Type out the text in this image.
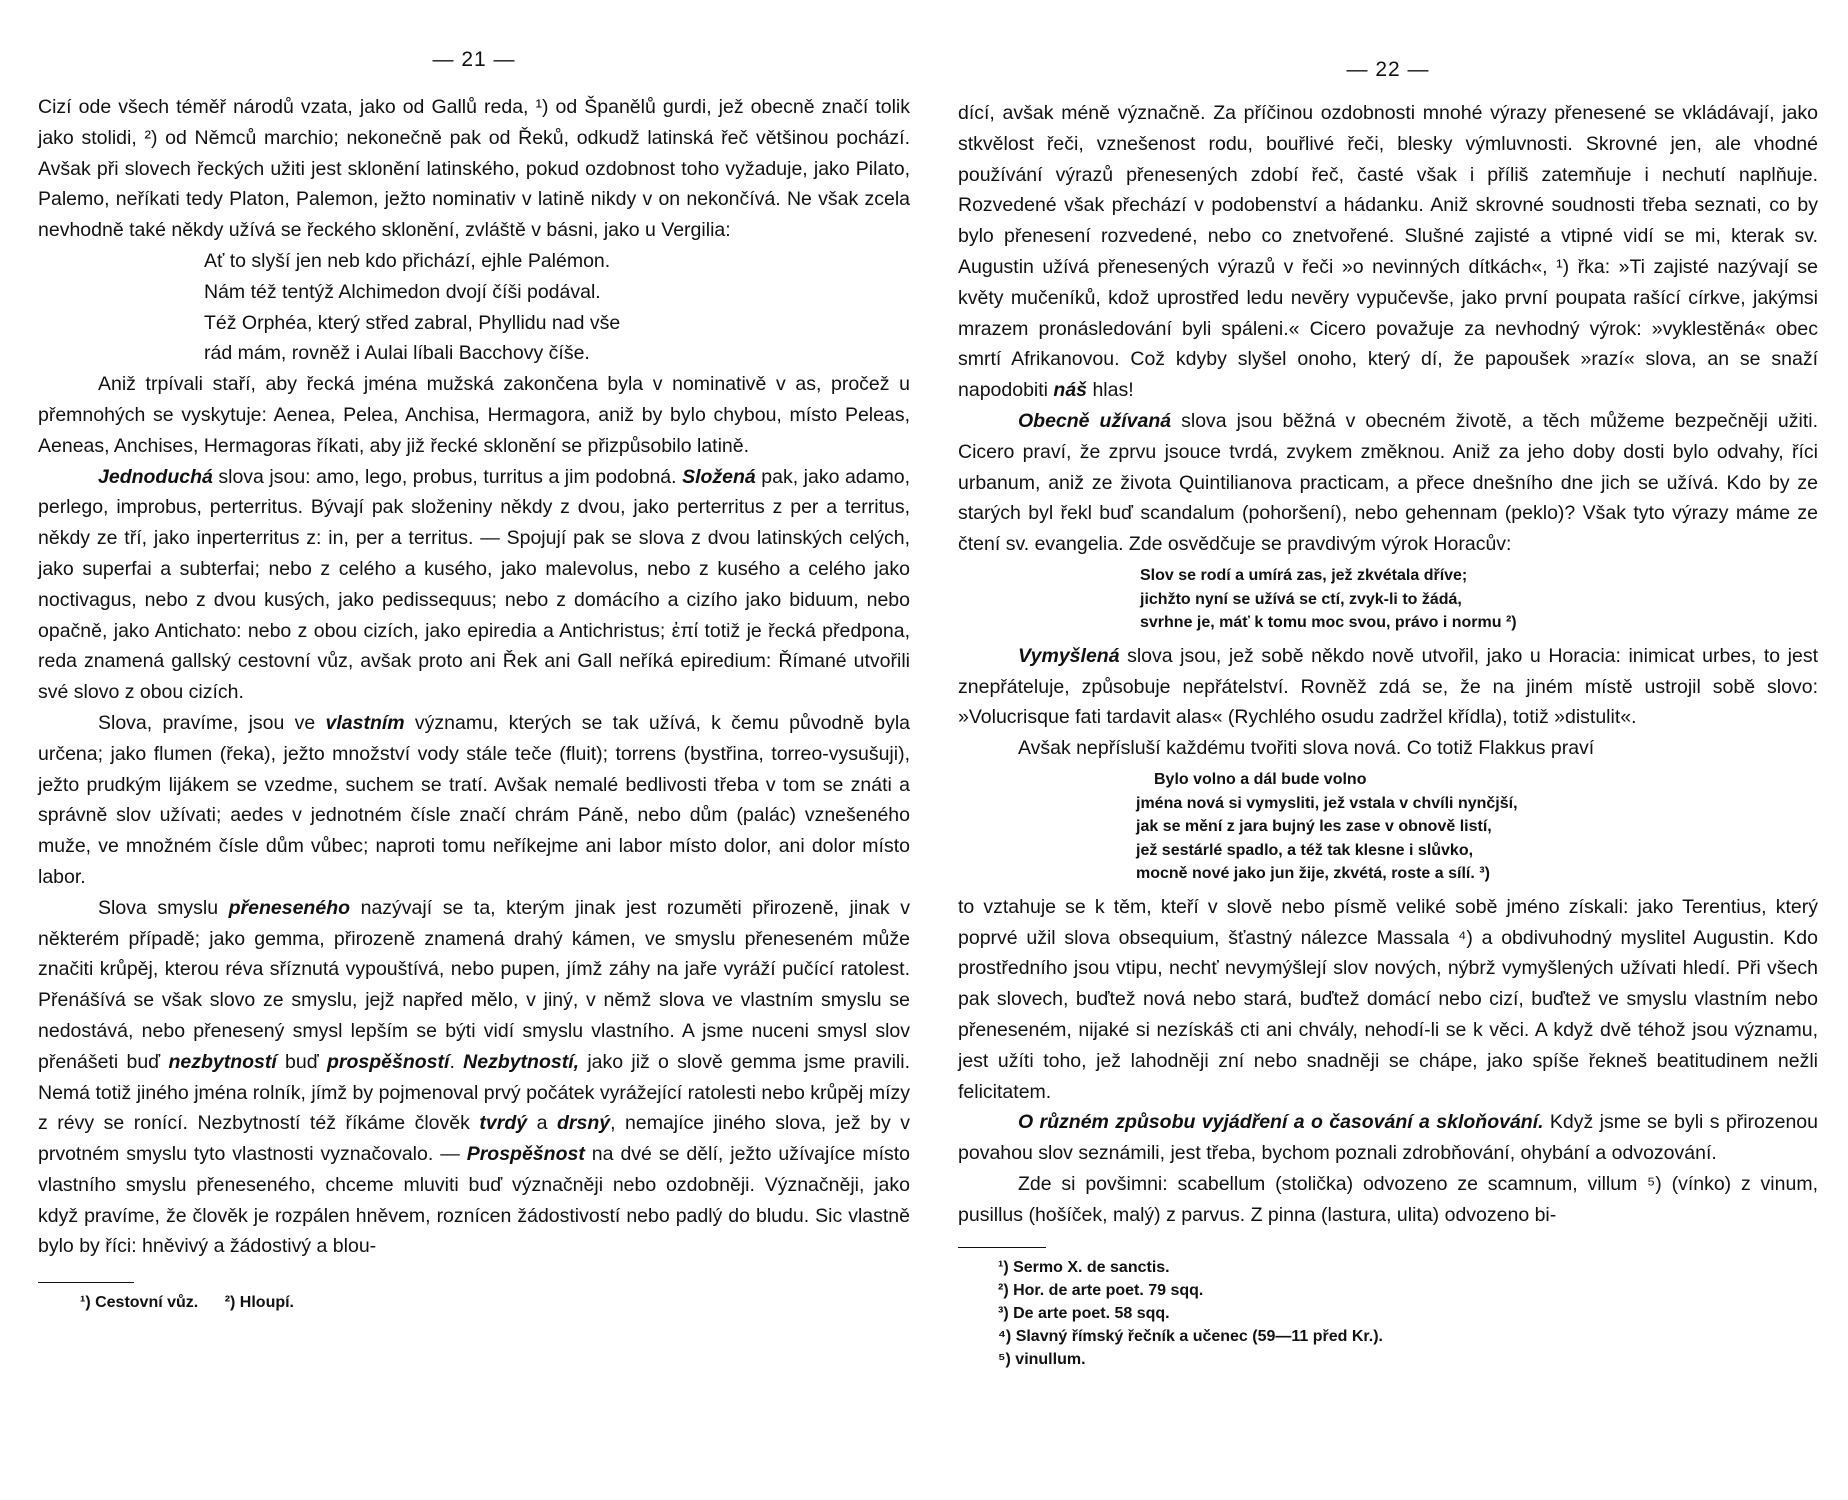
— 21 —

Cizí ode všech téměř národů vzata, jako od Gallů reda, ¹) od Španělů gurdi, jež obecně značí tolik jako stolidi, ²) od Němců marchio; nekonečně pak od Řeků, odkudž latinská řeč většinou pochází. Avšak při slovech řeckých užiti jest sklonění latinského, pokud ozdobnost toho vyžaduje, jako Pilato, Palemo, neříkati tedy Platon, Palemon, ježto nominativ v latině nikdy v on nekončívá. Ne však zcela nevhodně také někdy užívá se řeckého sklonění, zvláště v básni, jako u Vergilia:

Ať to slyší jen neb kdo přichází, ejhle Palémon.
Nám též tentýž Alchimedon dvojí číši podával.
Též Orphéa, který střed zabral, Phyllidu nad vše
rád mám, rovněž i Aulai líbali Bacchovy číše.

Aniž trpívali staří, aby řecká jména mužská zakončena byla v nominativě v as, pročež u přemnohých se vyskytuje: Aenea, Pelea, Anchisa, Hermagora, aniž by bylo chybou, místo Peleas, Aeneas, Anchises, Hermagoras říkati, aby již řecké sklonění se přizpůsobilo latině.

Jednoduchá slova jsou: amo, lego, probus, turritus a jim podobná. Složená pak, jako adamo, perlego, improbus, perterritus. Bývají pak složeniny někdy z dvou, jako perterritus z per a territus, někdy ze tří, jako inperterritus z: in, per a territus. — Spojují pak se slova z dvou latinských celých, jako superfai a subterfai; nebo z celého a kusého, jako malevolus, nebo z kusého a celého jako noctivagus, nebo z dvou kusých, jako pedissequus; nebo z domácího a cizího jako biduum, nebo opačně, jako Antichato: nebo z obou cizích, jako epiredia a Antichristus; ἐπί totiž je řecká předpona, reda znamená gallský cestovní vůz, avšak proto ani Řek ani Gall neříká epiredium: Římané utvořili své slovo z obou cizích.

Slova, pravíme, jsou ve vlastním významu, kterých se tak užívá, k čemu původně byla určena; jako flumen (řeka), ježto množství vody stále teče (fluit); torrens (bystřina, torreo-vysušuji), ježto prudkým lijákem se vzedme, suchem se tratí. Avšak nemalé bedlivosti třeba v tom se znáti a správně slov užívati; aedes v jednotném čísle značí chrám Páně, nebo dům (palác) vznešeného muže, ve množném čísle dům vůbec; naproti tomu neříkejme ani labor místo dolor, ani dolor místo labor.

Slova smyslu přeneseného nazývají se ta, kterým jinak jest rozuměti přirozeně, jinak v některém případě; jako gemma, přirozeně znamená drahý kámen, ve smyslu přeneseném může značiti krůpěj, kterou réva sříznutá vypouštívá, nebo pupen, jímž záhy na jaře vyráží pučící ratolest. Přenášívá se však slovo ze smyslu, jejž napřed mělo, v jiný, v němž slova ve vlastním smyslu se nedostává, nebo přenesený smysl lepším se býti vidí smyslu vlastního. A jsme nuceni smysl slov přenášeti buď nezbytností buď prospěšností. Nezbytností, jako již o slově gemma jsme pravili. Nemá totiž jiného jména rolník, jímž by pojmenoval prvý počátek vyrážející ratolesti nebo krůpěj mízy z révy se ronící. Nezbytností též říkáme člověk tvrdý a drsný, nemajíce jiného slova, jež by v prvotném smyslu tyto vlastnosti vyznačovalo. — Prospěšnost na dvé se dělí, ježto užívajíce místo vlastního smyslu přeneseného, chceme mluviti buď význačněji nebo ozdobněji. Význačněji, jako když pravíme, že člověk je rozpálen hněvem, roznícen žádostivostí nebo padlý do bludu. Sic vlastně bylo by říci: hněvivý a žádostivý a blou-

¹) Cestovní vůz. ²) Hloupí.
— 22 —

dící, avšak méně význačně. Za příčinou ozdobnosti mnohé výrazy přenesené se vkládávají, jako stkvělost řeči, vznešenost rodu, bouřlivé řeči, blesky výmluvnosti. Skrovné jen, ale vhodné používání výrazů přenesených zdobí řeč, časté však i příliš zatemňuje i nechutí naplňuje. Rozvedené však přechází v podobenství a hádanku. Aniž skrovné soudnosti třeba seznati, co by bylo přenesení rozvedené, nebo co znetvořené. Slušné zajisté a vtipné vidí se mi, kterak sv. Augustin užívá přenesených výrazů v řeči »o nevinných dítkách«, ¹) řka: »Ti zajisté nazývají se květy mučeníků, kdož uprostřed ledu nevěry vypučevše, jako první poupata rašící církve, jakýmsi mrazem pronásledování byli spáleni.« Cicero považuje za nevhodný výrok: »vyklestěná« obec smrtí Afrikanovou. Což kdyby slyšel onoho, který dí, že papoušek »razí« slova, an se snaží napodobiti náš hlas!

Obecně užívaná slova jsou běžná v obecném životě, a těch můžeme bezpečněji užiti. Cicero praví, že zprvu jsouce tvrdá, zvykem změknou. Aniž za jeho doby dosti bylo odvahy, říci urbanum, aniž ze života Quintilianova practicam, a přece dnešního dne jich se užívá. Kdo by ze starých byl řekl buď scandalum (pohoršení), nebo gehennam (peklo)? Však tyto výrazy máme ze čtení sv. evangelia. Zde osvědčuje se pravdivým výrok Horacův:

Slov se rodí a umírá zas, jež zkvétala dříve;
jichžto nyní se užívá se ctí, zvyk-li to žádá,
svrhne je, máť k tomu moc svou, právo i normu ²)

Vymyšlená slova jsou, jež sobě někdo nově utvořil, jako u Horacia: inimicat urbes, to jest znepřáteluje, způsobuje nepřátelství. Rovněž zdá se, že na jiném místě ustrojil sobě slovo: »Volucrisque fati tardavit alas« (Rychlého osudu zadržel křídla), totiž »distulit«.

Avšak nepřísluší každému tvořiti slova nová. Co totiž Flakkus praví

Bylo volno a dál bude volno
jména nová si vymysliti, jež vstala v chvíli nynčjší,
jak se mění z jara bujný les zase v obnově listí,
jež sestárlé spadlo, a též tak klesne i slůvko,
mocně nové jako jun žije, zkvétá, roste a sílí. ³)

to vztahuje se k těm, kteří v slově nebo písmě veliké sobě jméno získali: jako Terentius, který poprvé užil slova obsequium, šťastný nálezce Massala ⁴) a obdivuhodný myslitel Augustin. Kdo prostředního jsou vtipu, nechť nevymýšlejí slov nových, nýbrž vymyšlených užívati hledí. Při všech pak slovech, buďtež nová nebo stará, buďtež domácí nebo cizí, buďtež ve smyslu vlastním nebo přeneseném, nijaké si nezískáš cti ani chvály, nehodí-li se k věci. A když dvě téhož jsou významu, jest užíti toho, jež lahodněji zní nebo snadněji se chápe, jako spíše řekneš beatitudinem nežli felicitatem.

O různém způsobu vyjádření a o časování a skloňování. Když jsme se byli s přirozenou povahou slov seznámili, jest třeba, bychom poznali zdrobňování, ohybání a odvozování.

Zde si povšimni: scabellum (stolička) odvozeno ze scamnum, villum ⁵) (vínko) z vinum, pusillus (hošíček, malý) z parvus. Z pinna (lastura, ulita) odvozeno bi-

¹) Sermo X. de sanctis.

²) Hor. de arte poet. 79 sqq.

³) De arte poet. 58 sqq.

⁴) Slavný římský řečník a učenec (59—11 před Kr.).

⁵) vinullum.
